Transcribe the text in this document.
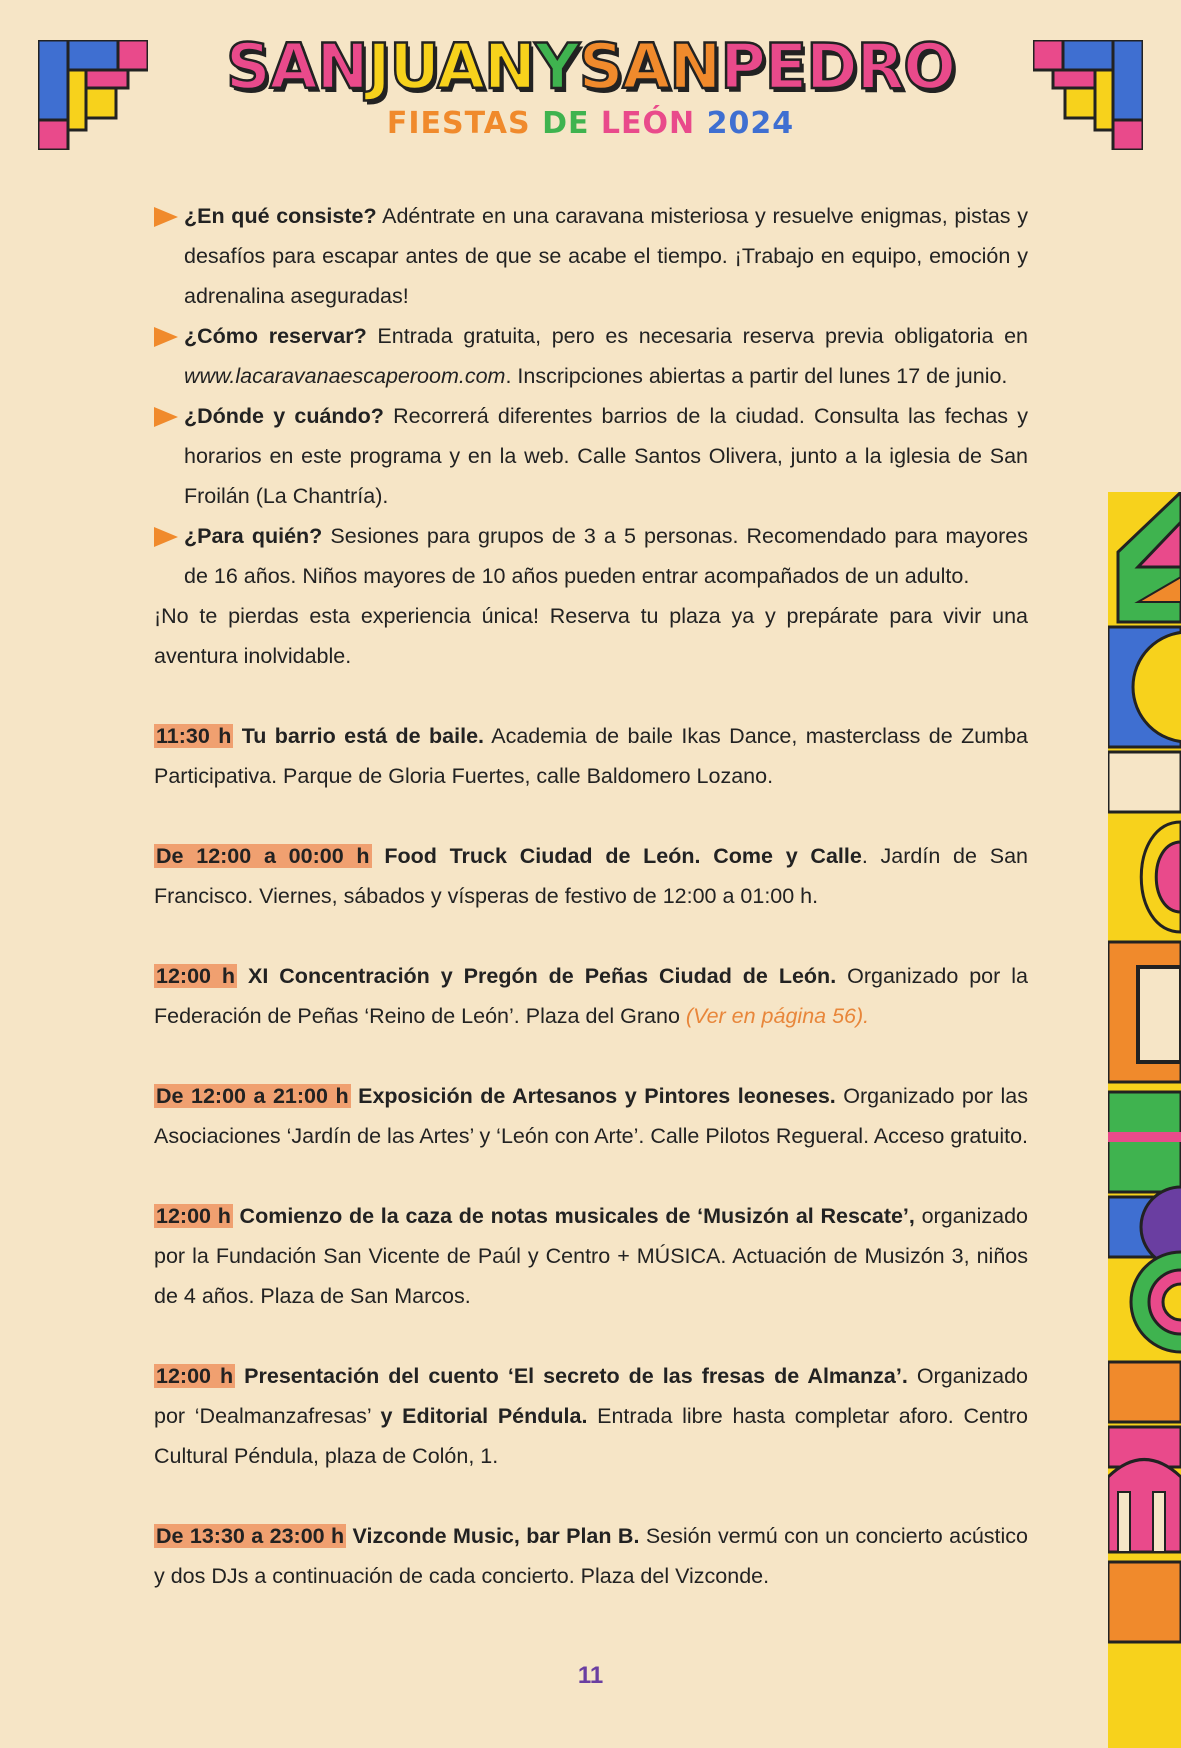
SANJUANYSANPEDRO
FIESTAS DE LEÓN 2024

¿En qué consiste? Adéntrate en una caravana misteriosa y resuelve enigmas, pistas y desafíos para escapar antes de que se acabe el tiempo. ¡Trabajo en equipo, emoción y adrenalina aseguradas!

¿Cómo reservar? Entrada gratuita, pero es necesaria reserva previa obligatoria en www.lacaravanaescaperoom.com. Inscripciones abiertas a partir del lunes 17 de junio.

¿Dónde y cuándo? Recorrerá diferentes barrios de la ciudad. Consulta las fechas y horarios en este programa y en la web. Calle Santos Olivera, junto a la iglesia de San Froilán (La Chantría).

¿Para quién? Sesiones para grupos de 3 a 5 personas. Recomendado para mayores de 16 años. Niños mayores de 10 años pueden entrar acompañados de un adulto.

¡No te pierdas esta experiencia única! Reserva tu plaza ya y prepárate para vivir una aventura inolvidable.

11:30 h Tu barrio está de baile. Academia de baile Ikas Dance, masterclass de Zumba Participativa. Parque de Gloria Fuertes, calle Baldomero Lozano.

De 12:00 a 00:00 h Food Truck Ciudad de León. Come y Calle. Jardín de San Francisco. Viernes, sábados y vísperas de festivo de 12:00 a 01:00 h.

12:00 h XI Concentración y Pregón de Peñas Ciudad de León. Organizado por la Federación de Peñas ‘Reino de León’. Plaza del Grano (Ver en página 56).

De 12:00 a 21:00 h Exposición de Artesanos y Pintores leoneses. Organizado por las Asociaciones ‘Jardín de las Artes’ y ‘León con Arte’. Calle Pilotos Regueral. Acceso gratuito.

12:00 h Comienzo de la caza de notas musicales de ‘Musizón al Rescate’, organizado por la Fundación San Vicente de Paúl y Centro + MÚSICA. Actuación de Musizón 3, niños de 4 años. Plaza de San Marcos.

12:00 h Presentación del cuento ‘El secreto de las fresas de Almanza’. Organizado por ‘Dealmanzafresas’ y Editorial Péndula. Entrada libre hasta completar aforo. Centro Cultural Péndula, plaza de Colón, 1.

De 13:30 a 23:00 h Vizconde Music, bar Plan B. Sesión vermú con un concierto acústico y dos DJs a continuación de cada concierto. Plaza del Vizconde.

11
